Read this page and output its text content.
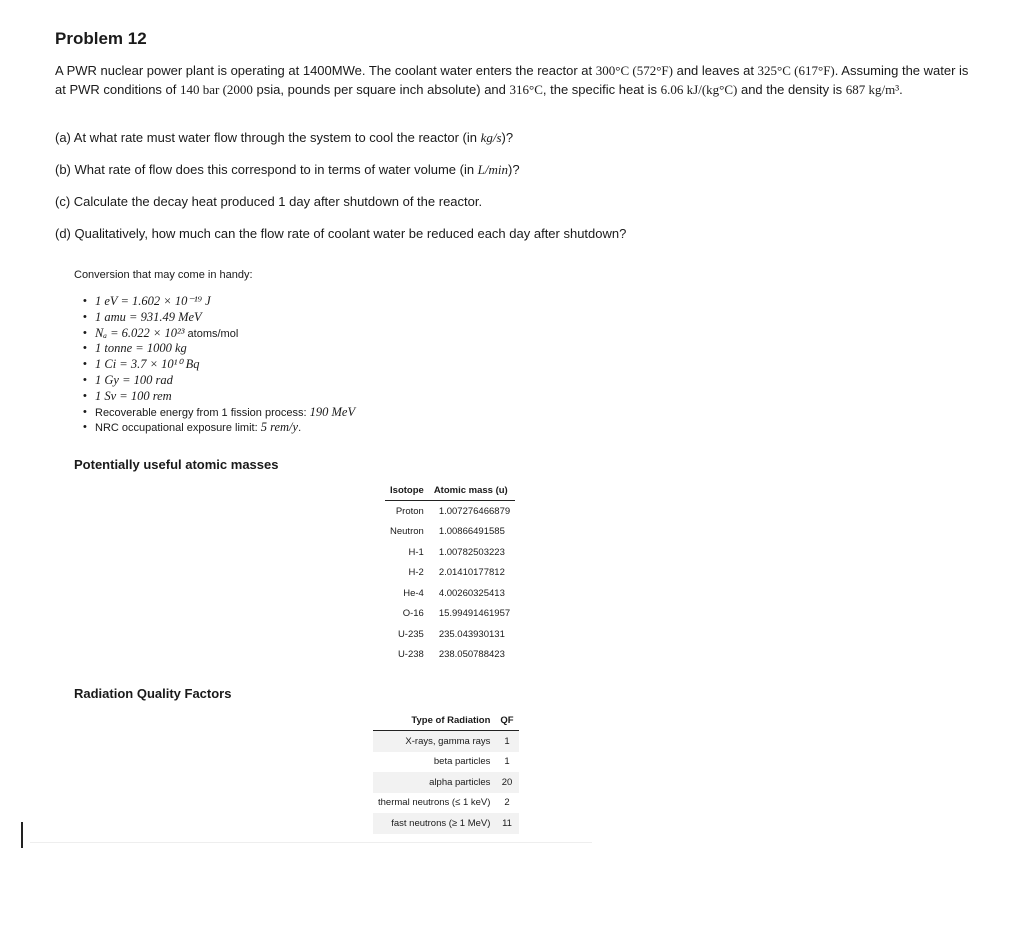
Problem 12

A PWR nuclear power plant is operating at 1400MWe. The coolant water enters the reactor at 300°C (572°F) and leaves at 325°C (617°F). Assuming the water is at PWR conditions of 140 bar (2000 psia, pounds per square inch absolute) and 316°C, the specific heat is 6.06 kJ/(kg°C) and the density is 687 kg/m³.

(a) At what rate must water flow through the system to cool the reactor (in kg/s)?

(b) What rate of flow does this correspond to in terms of water volume (in L/min)?

(c) Calculate the decay heat produced 1 day after shutdown of the reactor.

(d) Qualitatively, how much can the flow rate of coolant water be reduced each day after shutdown?

Conversion that may come in handy:

• 1 eV = 1.602 × 10⁻¹⁹ J
• 1 amu = 931.49 MeV
• Nₐ = 6.022 × 10²³ atoms/mol
• 1 tonne = 1000 kg
• 1 Ci = 3.7 × 10¹⁰ Bq
• 1 Gy = 100 rad
• 1 Sv = 100 rem
• Recoverable energy from 1 fission process: 190 MeV
• NRC occupational exposure limit: 5 rem/y.
Potentially useful atomic masses
Isotope	Atomic mass (u)
Proton	1.007276466879
Neutron	1.00866491585
H-1	1.00782503223
H-2	2.01410177812
He-4	4.00260325413
O-16	15.99491461957
U-235	235.043930131
U-238	238.050788423
Radiation Quality Factors
Type of Radiation	QF
X-rays, gamma rays	1
beta particles	1
alpha particles	20
thermal neutrons (≤ 1 keV)	2
fast neutrons (≥ 1 MeV)	11
